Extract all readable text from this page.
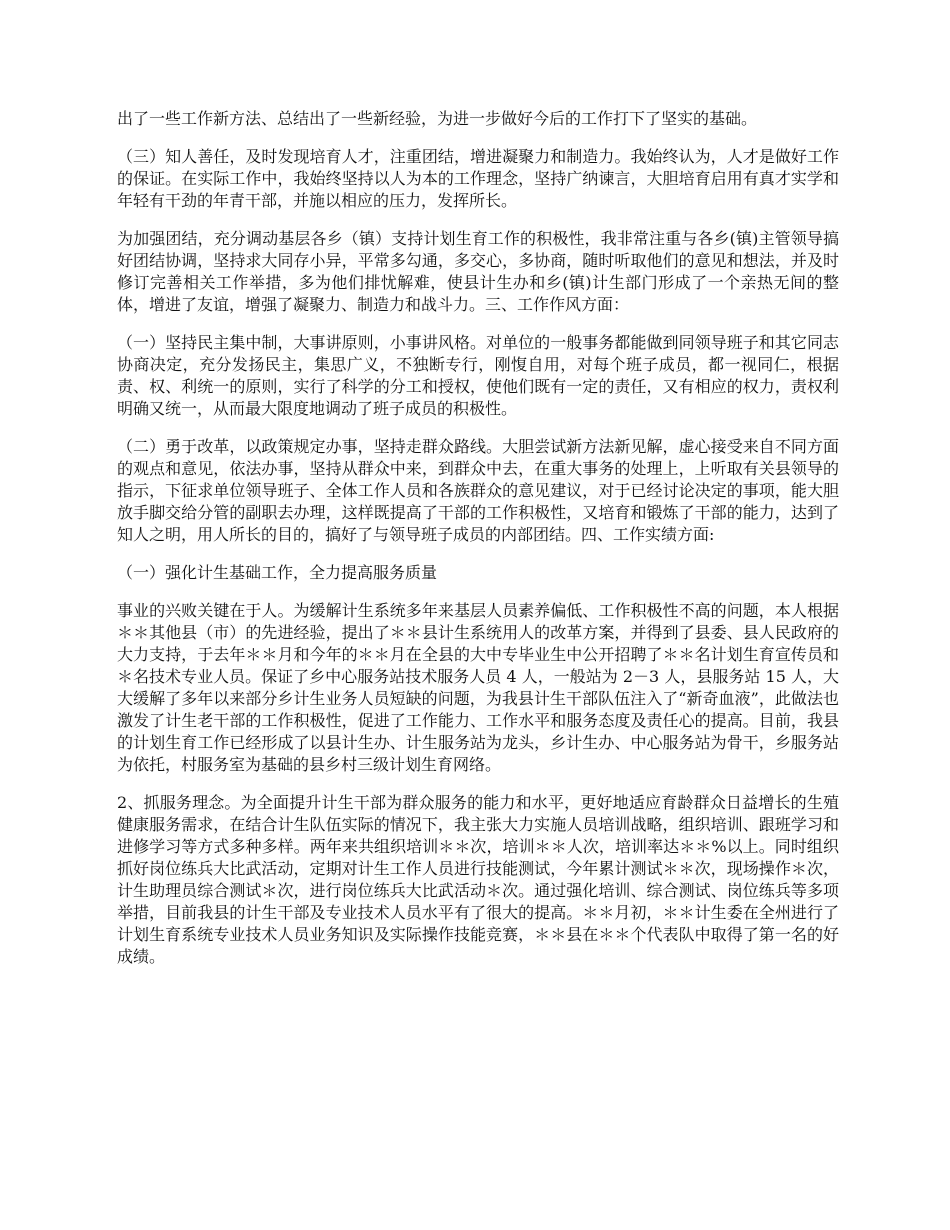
出了一些工作新方法、总结出了一些新经验，为进一步做好今后的工作打下了坚实的基础。

（三）知人善任，及时发现培育人才，注重团结，增进凝聚力和制造力。我始终认为，人才是做好工作的保证。在实际工作中，我始终坚持以人为本的工作理念，坚持广纳谏言，大胆培育启用有真才实学和年轻有干劲的年青干部，并施以相应的压力，发挥所长。

为加强团结，充分调动基层各乡（镇）支持计划生育工作的积极性，我非常注重与各乡(镇)主管领导搞好团结协调，坚持求大同存小异，平常多勾通，多交心，多协商，随时听取他们的意见和想法，并及时修订完善相关工作举措，多为他们排忧解难，使县计生办和乡(镇)计生部门形成了一个亲热无间的整体，增进了友谊，增强了凝聚力、制造力和战斗力。三、工作作风方面：

（一）坚持民主集中制，大事讲原则，小事讲风格。对单位的一般事务都能做到同领导班子和其它同志协商决定，充分发扬民主，集思广义，不独断专行，刚愎自用，对每个班子成员，都一视同仁，根据责、权、利统一的原则，实行了科学的分工和授权，使他们既有一定的责任，又有相应的权力，责权利明确又统一，从而最大限度地调动了班子成员的积极性。

（二）勇于改革，以政策规定办事，坚持走群众路线。大胆尝试新方法新见解，虚心接受来自不同方面的观点和意见，依法办事，坚持从群众中来，到群众中去，在重大事务的处理上，上听取有关县领导的指示，下征求单位领导班子、全体工作人员和各族群众的意见建议，对于已经讨论决定的事项，能大胆放手脚交给分管的副职去办理，这样既提高了干部的工作积极性，又培育和锻炼了干部的能力，达到了知人之明，用人所长的目的，搞好了与领导班子成员的内部团结。四、工作实绩方面:

（一）强化计生基础工作，全力提高服务质量

事业的兴败关键在于人。为缓解计生系统多年来基层人员素养偏低、工作积极性不高的问题，本人根据＊＊其他县（市）的先进经验，提出了＊＊县计生系统用人的改革方案，并得到了县委、县人民政府的大力支持，于去年＊＊月和今年的＊＊月在全县的大中专毕业生中公开招聘了＊＊名计划生育宣传员和＊名技术专业人员。保证了乡中心服务站技术服务人员 4 人，一般站为 2－3 人，县服务站 15 人，大大缓解了多年以来部分乡计生业务人员短缺的问题，为我县计生干部队伍注入了“新奇血液”，此做法也激发了计生老干部的工作积极性，促进了工作能力、工作水平和服务态度及责任心的提高。目前，我县的计划生育工作已经形成了以县计生办、计生服务站为龙头，乡计生办、中心服务站为骨干，乡服务站为依托，村服务室为基础的县乡村三级计划生育网络。

2、抓服务理念。为全面提升计生干部为群众服务的能力和水平，更好地适应育龄群众日益增长的生殖健康服务需求，在结合计生队伍实际的情况下，我主张大力实施人员培训战略，组织培训、跟班学习和进修学习等方式多种多样。两年来共组织培训＊＊次，培训＊＊人次，培训率达＊＊%以上。同时组织抓好岗位练兵大比武活动，定期对计生工作人员进行技能测试，今年累计测试＊＊次，现场操作＊次，计生助理员综合测试＊次，进行岗位练兵大比武活动＊次。通过强化培训、综合测试、岗位练兵等多项举措，目前我县的计生干部及专业技术人员水平有了很大的提高。＊＊月初，＊＊计生委在全州进行了计划生育系统专业技术人员业务知识及实际操作技能竞赛，＊＊县在＊＊个代表队中取得了第一名的好成绩。
